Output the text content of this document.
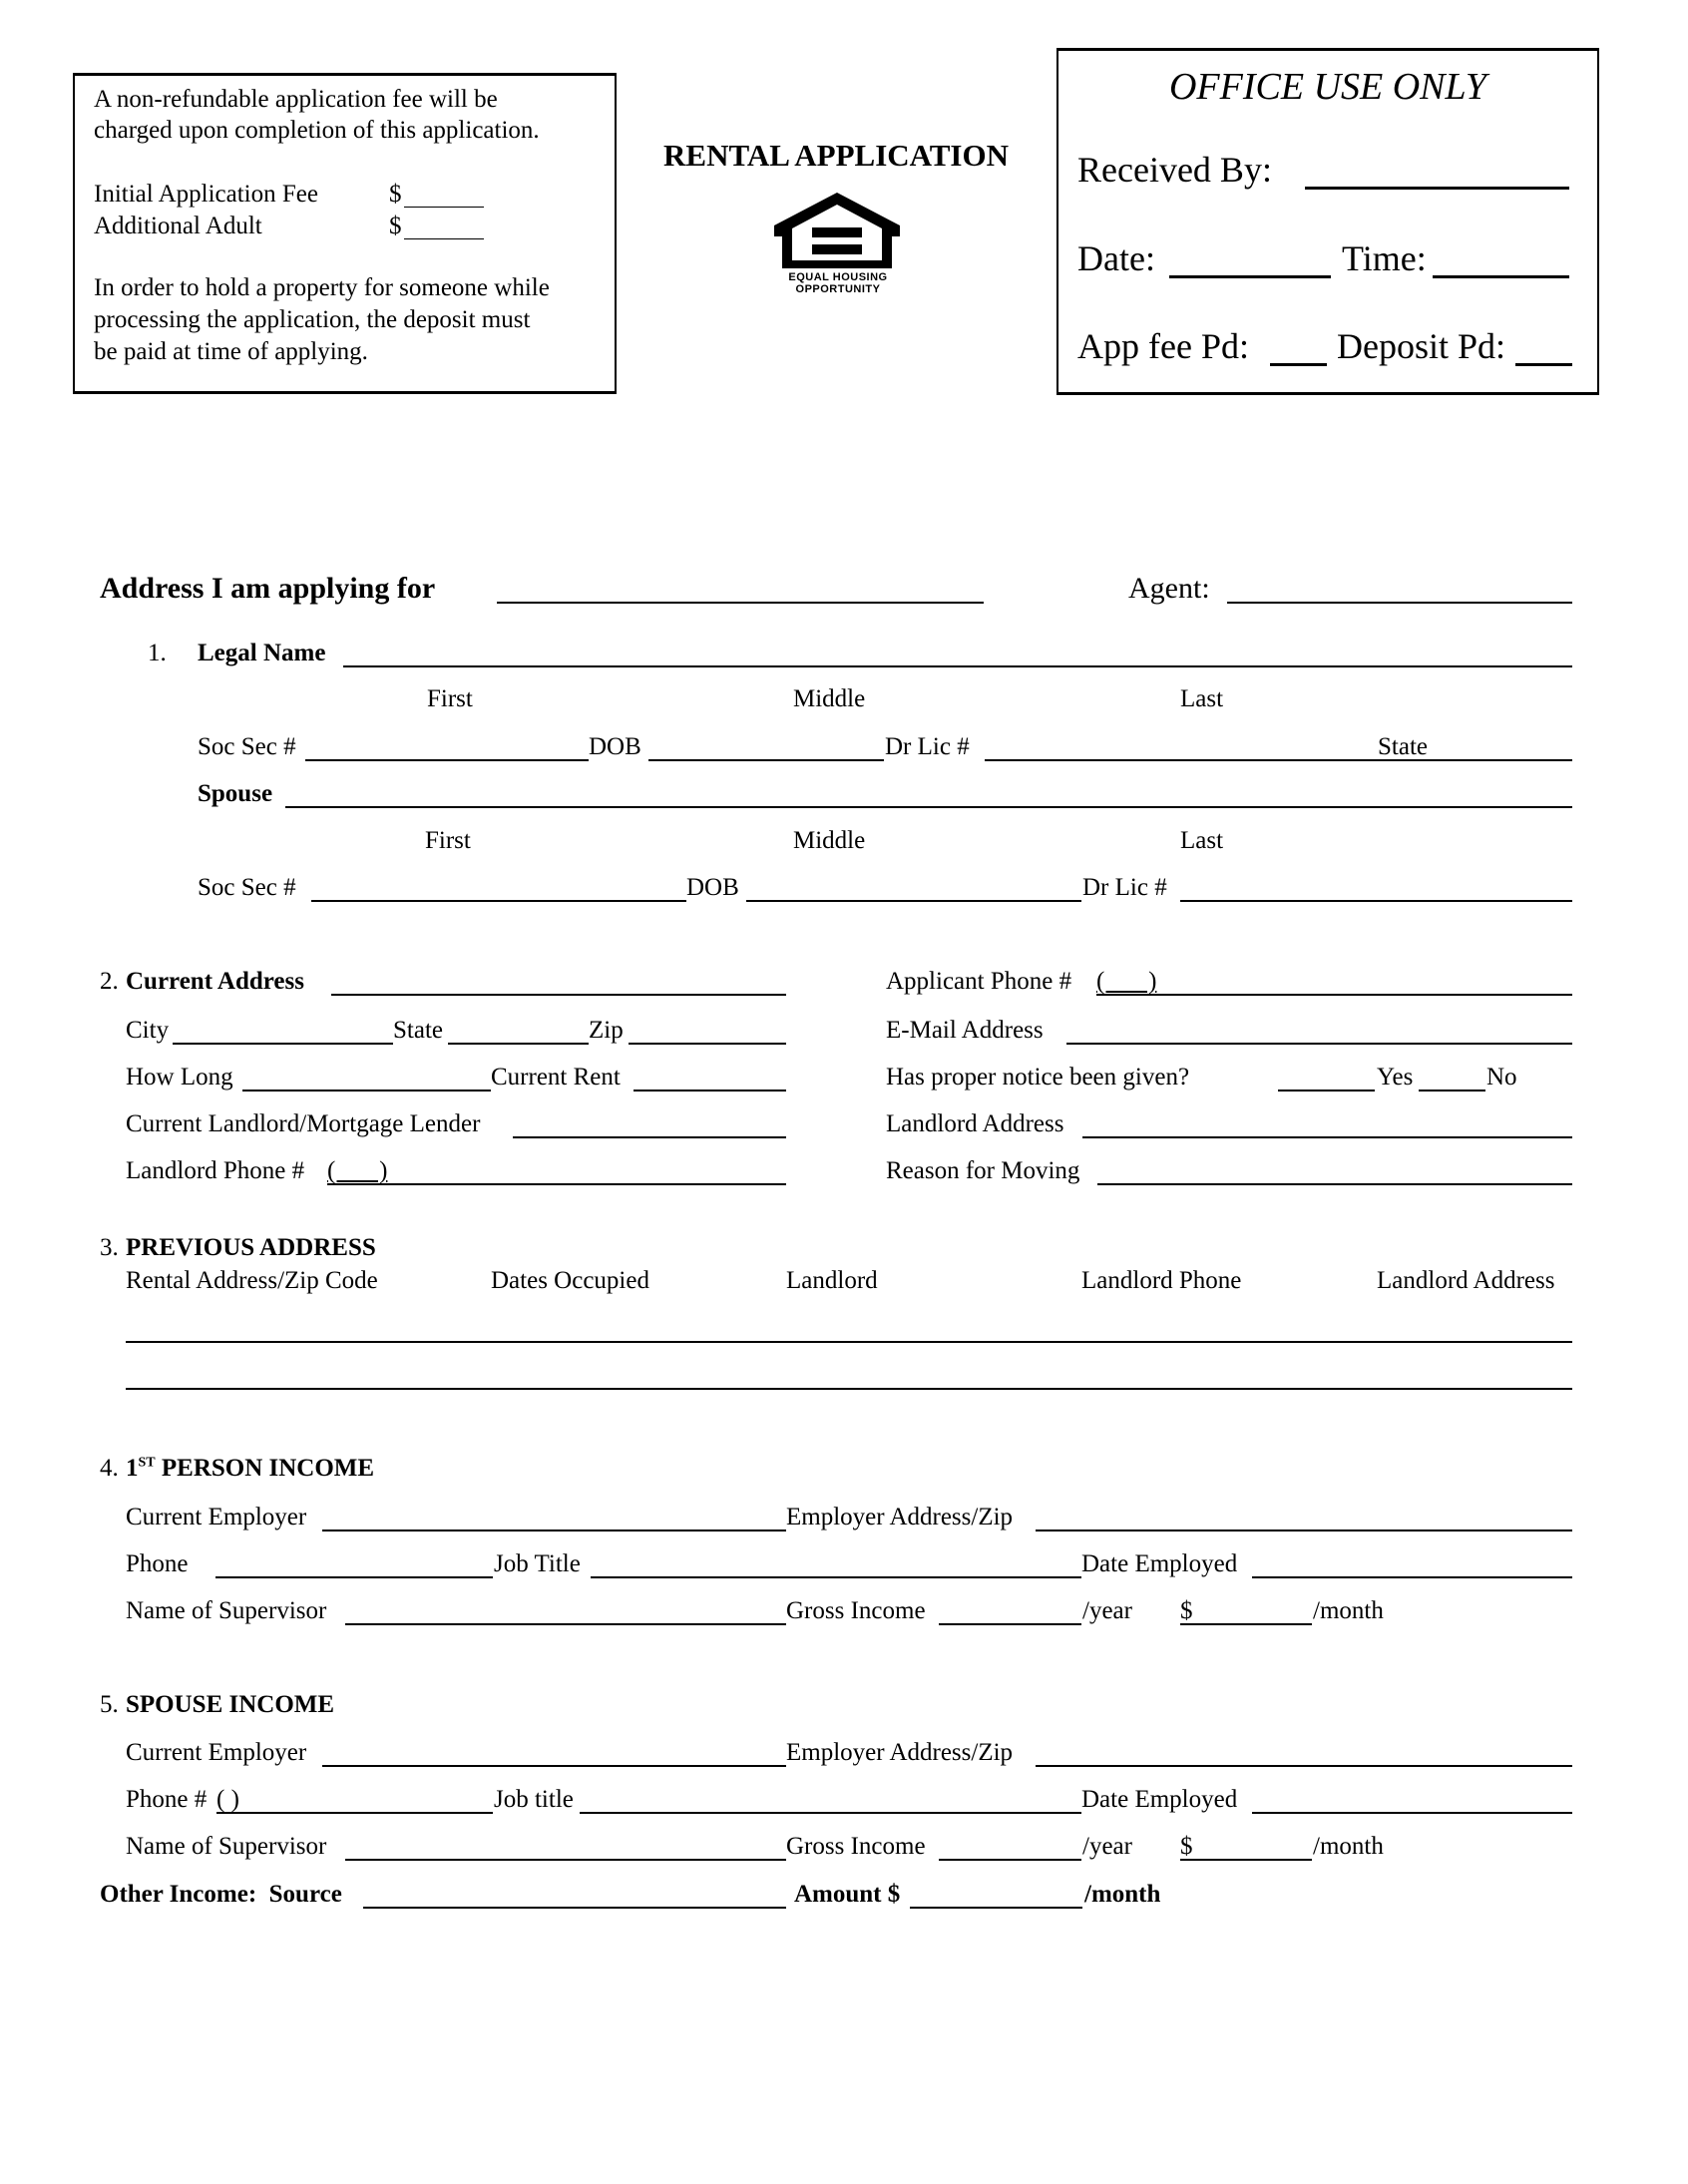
A non-refundable application fee will be
charged upon completion of this application.
Initial Application Fee	$
Additional Adult	$
In order to hold a property for someone while
processing the application, the deposit must
be paid at time of applying.
RENTAL APPLICATION
EQUAL HOUSING OPPORTUNITY
OFFICE USE ONLY
Received By:
Date:	Time:
App fee Pd: Deposit Pd:
Address I am applying for	Agent:
1. Legal Name
First	Middle	Last
Soc Sec #	DOB	Dr Lic #	State
Spouse
First	Middle	Last
Soc Sec #	DOB	Dr Lic #
2. Current Address	Applicant Phone # (       )
City	State	Zip	E-Mail Address
How Long	Current Rent	Has proper notice been given?	Yes	No
Current Landlord/Mortgage Lender	Landlord Address
Landlord Phone # (       )	Reason for Moving
3. PREVIOUS ADDRESS
Rental Address/Zip Code	Dates Occupied	Landlord	Landlord Phone	Landlord Address
4. 1ST PERSON INCOME
Current Employer	Employer Address/Zip
Phone	Job Title	Date Employed
Name of Supervisor	Gross Income	/year $	/month
5. SPOUSE INCOME
Current Employer	Employer Address/Zip
Phone # ( )	Job title	Date Employed
Name of Supervisor	Gross Income	/year $	/month
Other Income:  Source	Amount $	/month
